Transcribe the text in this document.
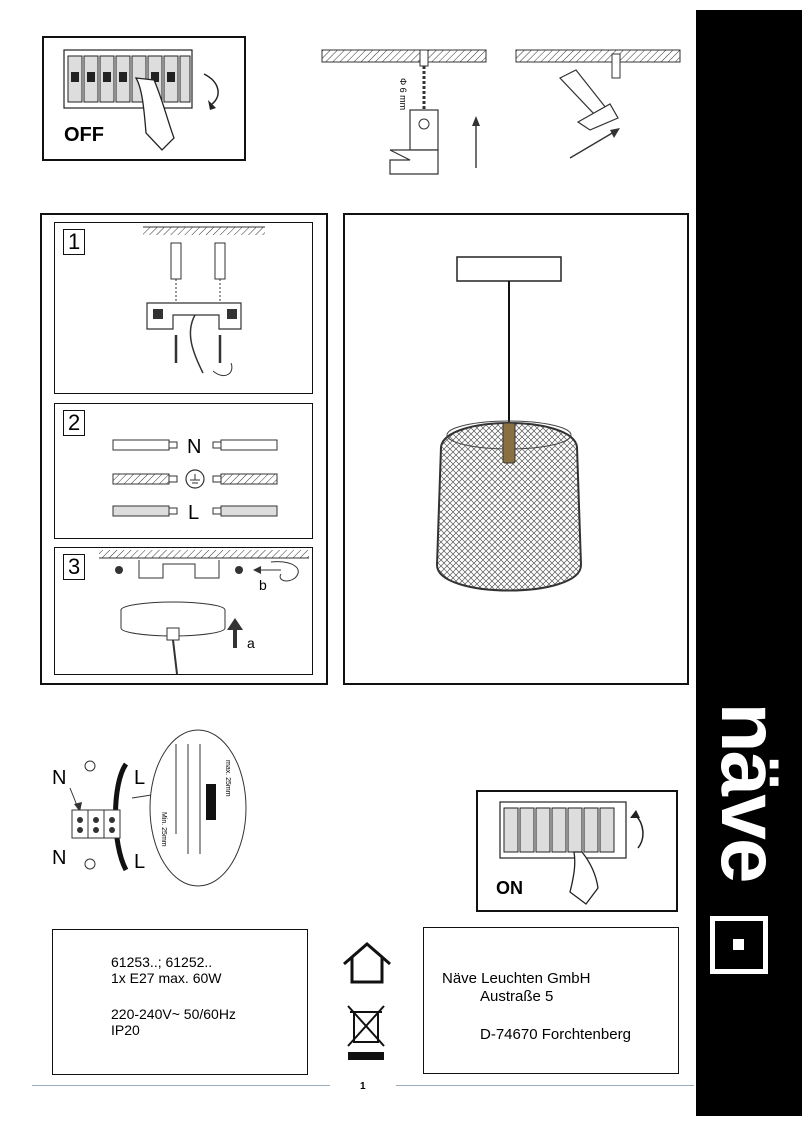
OFF
Φ 6 mm
1
2
N
L
3
a
b
N
N
L
L
Min. 25mm
max. 25mm
ON
61253..; 61252..
1x E27 max. 60W
220-240V~ 50/60Hz
IP20
Näve Leuchten GmbH
Austraße 5
D-74670 Forchtenberg
1
näve
